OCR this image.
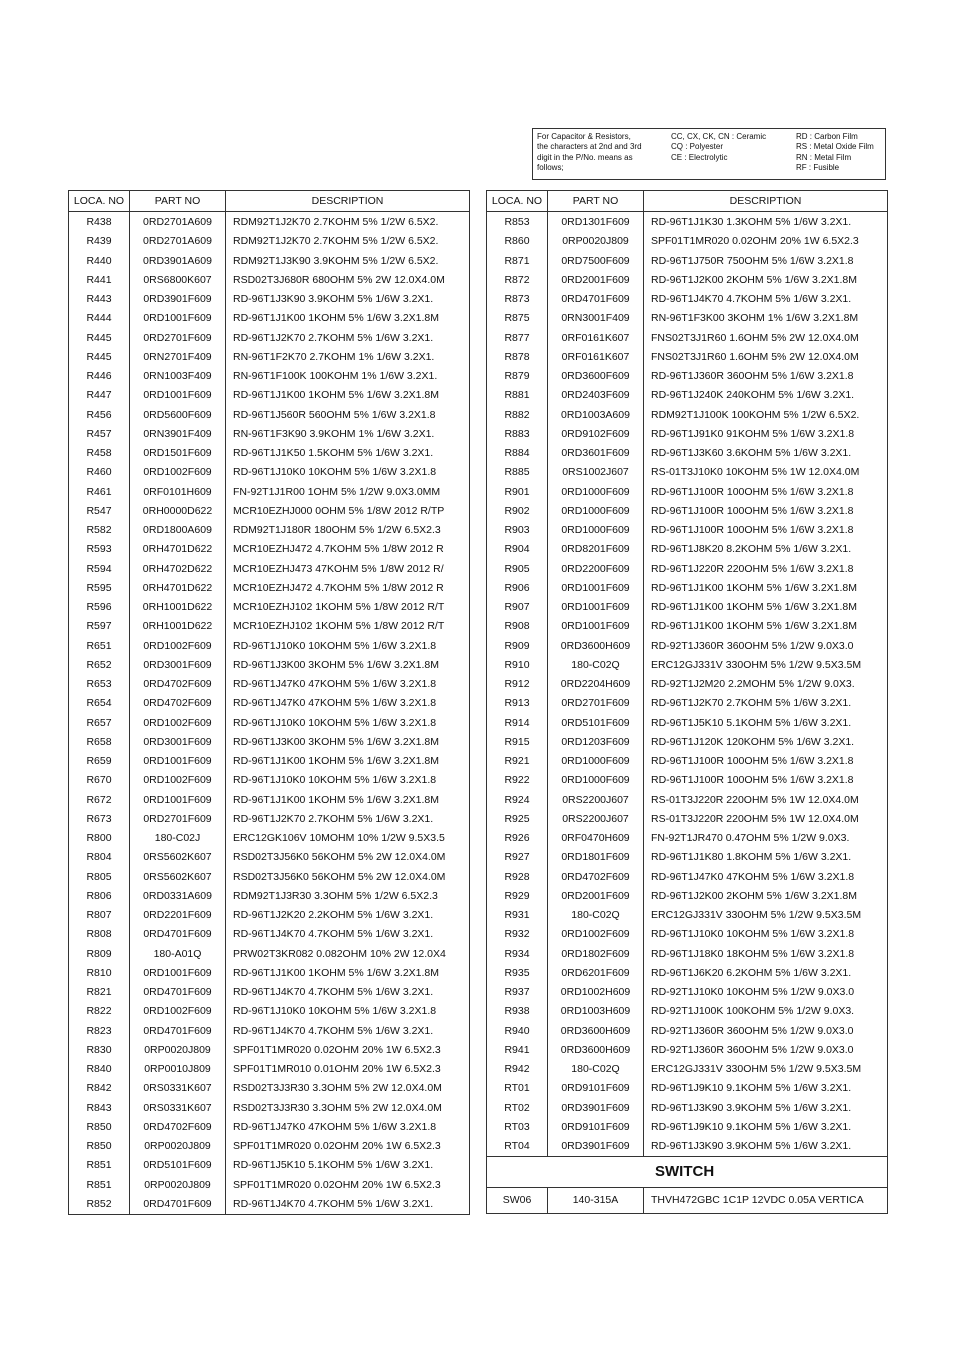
For Capacitor & Resistors,
the characters at 2nd and 3rd
digit in the P/No. means as
follows;
CC, CX, CK, CN : Ceramic
CQ : Polyester
CE : Electrolytic
RD : Carbon Film
RS : Metal Oxide Film
RN : Metal Film
RF : Fusible
LOCA. NO	PART NO	DESCRIPTION
R438	0RD2701A609	RDM92T1J2K70 2.7KOHM 5% 1/2W 6.5X2.
R439	0RD2701A609	RDM92T1J2K70 2.7KOHM 5% 1/2W 6.5X2.
R440	0RD3901A609	RDM92T1J3K90 3.9KOHM 5% 1/2W 6.5X2.
R441	0RS6800K607	RSD02T3J680R 680OHM 5% 2W 12.0X4.0M
R443	0RD3901F609	RD-96T1J3K90 3.9KOHM 5% 1/6W 3.2X1.
R444	0RD1001F609	RD-96T1J1K00 1KOHM 5% 1/6W 3.2X1.8M
R445	0RD2701F609	RD-96T1J2K70 2.7KOHM 5% 1/6W 3.2X1.
R445	0RN2701F409	RN-96T1F2K70 2.7KOHM 1% 1/6W 3.2X1.
R446	0RN1003F409	RN-96T1F100K 100KOHM 1% 1/6W 3.2X1.
R447	0RD1001F609	RD-96T1J1K00 1KOHM 5% 1/6W 3.2X1.8M
R456	0RD5600F609	RD-96T1J560R 560OHM 5% 1/6W 3.2X1.8
R457	0RN3901F409	RN-96T1F3K90 3.9KOHM 1% 1/6W 3.2X1.
R458	0RD1501F609	RD-96T1J1K50 1.5KOHM 5% 1/6W 3.2X1.
R460	0RD1002F609	RD-96T1J10K0 10KOHM 5% 1/6W 3.2X1.8
R461	0RF0101H609	FN-92T1J1R00 1OHM 5% 1/2W 9.0X3.0MM
R547	0RH0000D622	MCR10EZHJ000 0OHM 5% 1/8W 2012 R/TP
R582	0RD1800A609	RDM92T1J180R 180OHM 5% 1/2W 6.5X2.3
R593	0RH4701D622	MCR10EZHJ472 4.7KOHM 5% 1/8W 2012 R
R594	0RH4702D622	MCR10EZHJ473 47KOHM 5% 1/8W 2012 R/
R595	0RH4701D622	MCR10EZHJ472 4.7KOHM 5% 1/8W 2012 R
R596	0RH1001D622	MCR10EZHJ102 1KOHM 5% 1/8W 2012 R/T
R597	0RH1001D622	MCR10EZHJ102 1KOHM 5% 1/8W 2012 R/T
R651	0RD1002F609	RD-96T1J10K0 10KOHM 5% 1/6W 3.2X1.8
R652	0RD3001F609	RD-96T1J3K00 3KOHM 5% 1/6W 3.2X1.8M
R653	0RD4702F609	RD-96T1J47K0 47KOHM 5% 1/6W 3.2X1.8
R654	0RD4702F609	RD-96T1J47K0 47KOHM 5% 1/6W 3.2X1.8
R657	0RD1002F609	RD-96T1J10K0 10KOHM 5% 1/6W 3.2X1.8
R658	0RD3001F609	RD-96T1J3K00 3KOHM 5% 1/6W 3.2X1.8M
R659	0RD1001F609	RD-96T1J1K00 1KOHM 5% 1/6W 3.2X1.8M
R670	0RD1002F609	RD-96T1J10K0 10KOHM 5% 1/6W 3.2X1.8
R672	0RD1001F609	RD-96T1J1K00 1KOHM 5% 1/6W 3.2X1.8M
R673	0RD2701F609	RD-96T1J2K70 2.7KOHM 5% 1/6W 3.2X1.
R800	180-C02J	ERC12GK106V 10MOHM 10% 1/2W 9.5X3.5
R804	0RS5602K607	RSD02T3J56K0 56KOHM 5% 2W 12.0X4.0M
R805	0RS5602K607	RSD02T3J56K0 56KOHM 5% 2W 12.0X4.0M
R806	0RD0331A609	RDM92T1J3R30 3.3OHM 5% 1/2W 6.5X2.3
R807	0RD2201F609	RD-96T1J2K20 2.2KOHM 5% 1/6W 3.2X1.
R808	0RD4701F609	RD-96T1J4K70 4.7KOHM 5% 1/6W 3.2X1.
R809	180-A01Q	PRW02T3KR082 0.082OHM 10% 2W 12.0X4
R810	0RD1001F609	RD-96T1J1K00 1KOHM 5% 1/6W 3.2X1.8M
R821	0RD4701F609	RD-96T1J4K70 4.7KOHM 5% 1/6W 3.2X1.
R822	0RD1002F609	RD-96T1J10K0 10KOHM 5% 1/6W 3.2X1.8
R823	0RD4701F609	RD-96T1J4K70 4.7KOHM 5% 1/6W 3.2X1.
R830	0RP0020J809	SPF01T1MR020 0.02OHM 20% 1W 6.5X2.3
R840	0RP0010J809	SPF01T1MR010 0.01OHM 20% 1W 6.5X2.3
R842	0RS0331K607	RSD02T3J3R30 3.3OHM 5% 2W 12.0X4.0M
R843	0RS0331K607	RSD02T3J3R30 3.3OHM 5% 2W 12.0X4.0M
R850	0RD4702F609	RD-96T1J47K0 47KOHM 5% 1/6W 3.2X1.8
R850	0RP0020J809	SPF01T1MR020 0.02OHM 20% 1W 6.5X2.3
R851	0RD5101F609	RD-96T1J5K10 5.1KOHM 5% 1/6W 3.2X1.
R851	0RP0020J809	SPF01T1MR020 0.02OHM 20% 1W 6.5X2.3
R852	0RD4701F609	RD-96T1J4K70 4.7KOHM 5% 1/6W 3.2X1.
LOCA. NO	PART NO	DESCRIPTION
R853	0RD1301F609	RD-96T1J1K30 1.3KOHM 5% 1/6W 3.2X1.
R860	0RP0020J809	SPF01T1MR020 0.02OHM 20% 1W 6.5X2.3
R871	0RD7500F609	RD-96T1J750R 750OHM 5% 1/6W 3.2X1.8
R872	0RD2001F609	RD-96T1J2K00 2KOHM 5% 1/6W 3.2X1.8M
R873	0RD4701F609	RD-96T1J4K70 4.7KOHM 5% 1/6W 3.2X1.
R875	0RN3001F409	RN-96T1F3K00 3KOHM 1% 1/6W 3.2X1.8M
R877	0RF0161K607	FNS02T3J1R60 1.6OHM 5% 2W 12.0X4.0M
R878	0RF0161K607	FNS02T3J1R60 1.6OHM 5% 2W 12.0X4.0M
R879	0RD3600F609	RD-96T1J360R 360OHM 5% 1/6W 3.2X1.8
R881	0RD2403F609	RD-96T1J240K 240KOHM 5% 1/6W 3.2X1.
R882	0RD1003A609	RDM92T1J100K 100KOHM 5% 1/2W 6.5X2.
R883	0RD9102F609	RD-96T1J91K0 91KOHM 5% 1/6W 3.2X1.8
R884	0RD3601F609	RD-96T1J3K60 3.6KOHM 5% 1/6W 3.2X1.
R885	0RS1002J607	RS-01T3J10K0 10KOHM 5% 1W 12.0X4.0M
R901	0RD1000F609	RD-96T1J100R 100OHM 5% 1/6W 3.2X1.8
R902	0RD1000F609	RD-96T1J100R 100OHM 5% 1/6W 3.2X1.8
R903	0RD1000F609	RD-96T1J100R 100OHM 5% 1/6W 3.2X1.8
R904	0RD8201F609	RD-96T1J8K20 8.2KOHM 5% 1/6W 3.2X1.
R905	0RD2200F609	RD-96T1J220R 220OHM 5% 1/6W 3.2X1.8
R906	0RD1001F609	RD-96T1J1K00 1KOHM 5% 1/6W 3.2X1.8M
R907	0RD1001F609	RD-96T1J1K00 1KOHM 5% 1/6W 3.2X1.8M
R908	0RD1001F609	RD-96T1J1K00 1KOHM 5% 1/6W 3.2X1.8M
R909	0RD3600H609	RD-92T1J360R 360OHM 5% 1/2W 9.0X3.0
R910	180-C02Q	ERC12GJ331V 330OHM 5% 1/2W 9.5X3.5M
R912	0RD2204H609	RD-92T1J2M20 2.2MOHM 5% 1/2W 9.0X3.
R913	0RD2701F609	RD-96T1J2K70 2.7KOHM 5% 1/6W 3.2X1.
R914	0RD5101F609	RD-96T1J5K10 5.1KOHM 5% 1/6W 3.2X1.
R915	0RD1203F609	RD-96T1J120K 120KOHM 5% 1/6W 3.2X1.
R921	0RD1000F609	RD-96T1J100R 100OHM 5% 1/6W 3.2X1.8
R922	0RD1000F609	RD-96T1J100R 100OHM 5% 1/6W 3.2X1.8
R924	0RS2200J607	RS-01T3J220R 220OHM 5% 1W 12.0X4.0M
R925	0RS2200J607	RS-01T3J220R 220OHM 5% 1W 12.0X4.0M
R926	0RF0470H609	FN-92T1JR470 0.47OHM 5% 1/2W 9.0X3.
R927	0RD1801F609	RD-96T1J1K80 1.8KOHM 5% 1/6W 3.2X1.
R928	0RD4702F609	RD-96T1J47K0 47KOHM 5% 1/6W 3.2X1.8
R929	0RD2001F609	RD-96T1J2K00 2KOHM 5% 1/6W 3.2X1.8M
R931	180-C02Q	ERC12GJ331V 330OHM 5% 1/2W 9.5X3.5M
R932	0RD1002F609	RD-96T1J10K0 10KOHM 5% 1/6W 3.2X1.8
R934	0RD1802F609	RD-96T1J18K0 18KOHM 5% 1/6W 3.2X1.8
R935	0RD6201F609	RD-96T1J6K20 6.2KOHM 5% 1/6W 3.2X1.
R937	0RD1002H609	RD-92T1J10K0 10KOHM 5% 1/2W 9.0X3.0
R938	0RD1003H609	RD-92T1J100K 100KOHM 5% 1/2W 9.0X3.
R940	0RD3600H609	RD-92T1J360R 360OHM 5% 1/2W 9.0X3.0
R941	0RD3600H609	RD-92T1J360R 360OHM 5% 1/2W 9.0X3.0
R942	180-C02Q	ERC12GJ331V 330OHM 5% 1/2W 9.5X3.5M
RT01	0RD9101F609	RD-96T1J9K10 9.1KOHM 5% 1/6W 3.2X1.
RT02	0RD3901F609	RD-96T1J3K90 3.9KOHM 5% 1/6W 3.2X1.
RT03	0RD9101F609	RD-96T1J9K10 9.1KOHM 5% 1/6W 3.2X1.
RT04	0RD3901F609	RD-96T1J3K90 3.9KOHM 5% 1/6W 3.2X1.
SWITCH		
SW06	140-315A	THVH472GBC 1C1P 12VDC 0.05A VERTICA
